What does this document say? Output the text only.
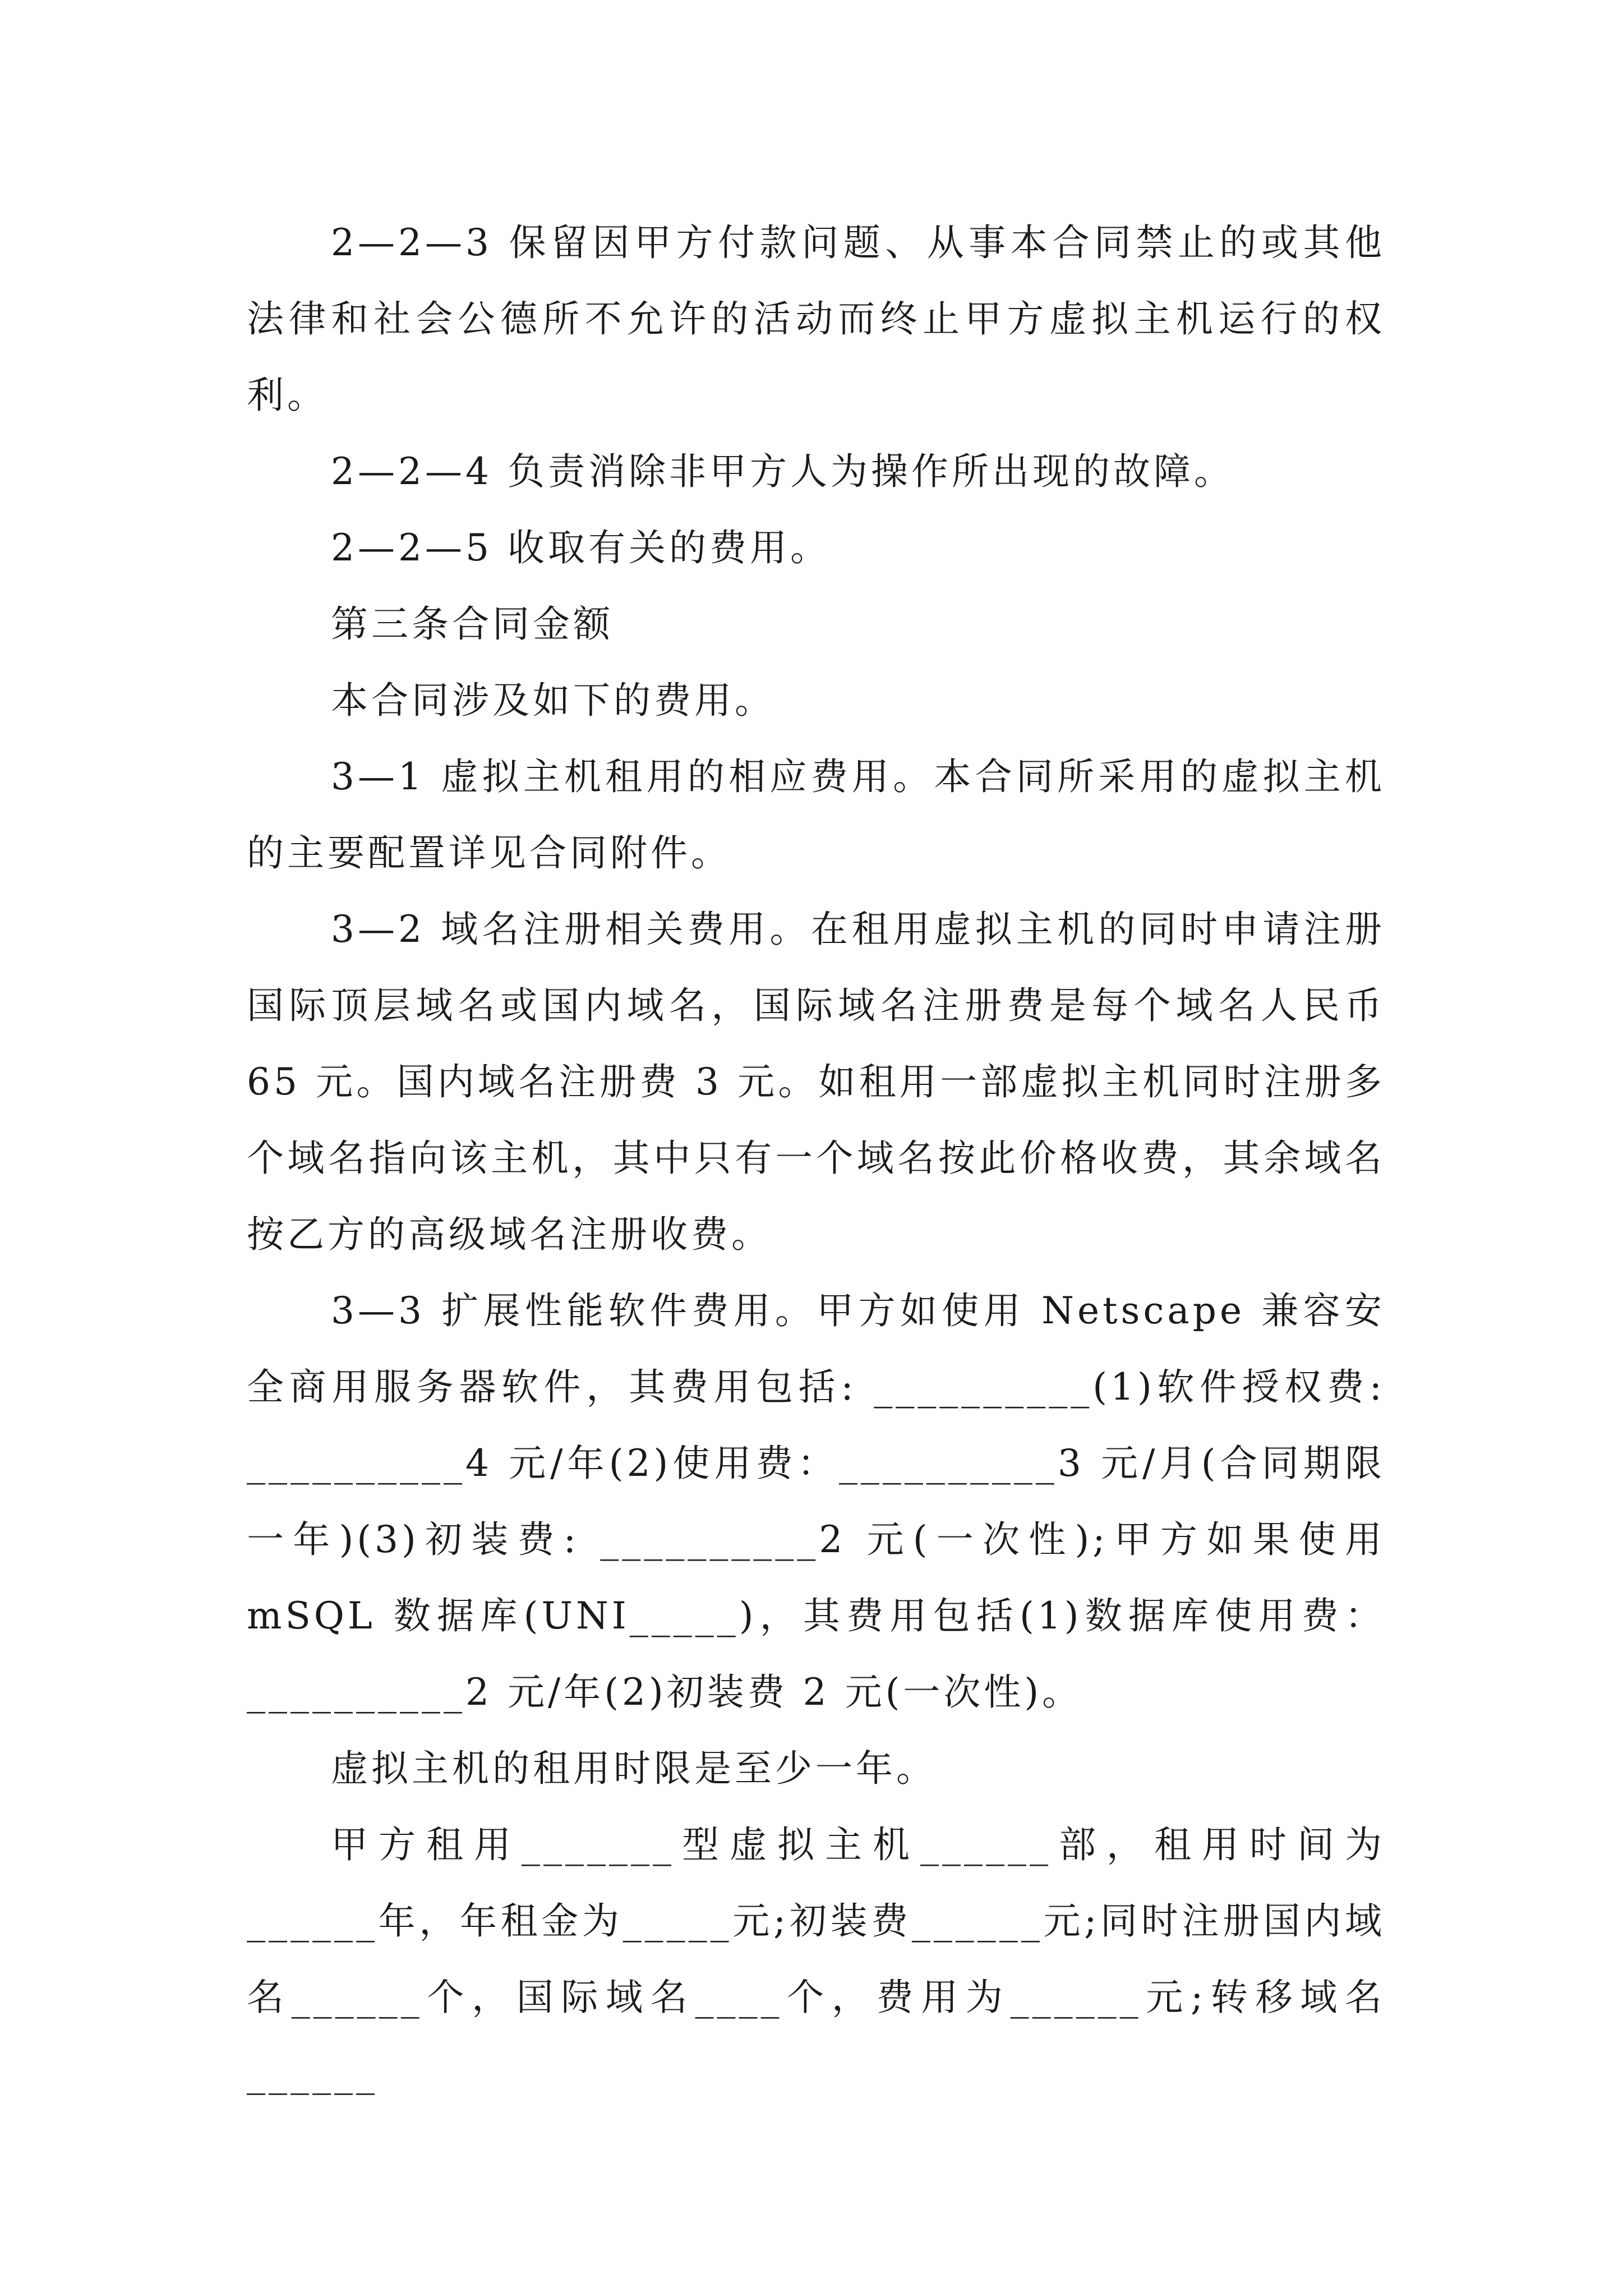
2—2—3 保留因甲方付款问题、从事本合同禁止的或其他法律和社会公德所不允许的活动而终止甲方虚拟主机运行的权利。

2—2—4 负责消除非甲方人为操作所出现的故障。

2—2—5 收取有关的费用。

第三条合同金额

本合同涉及如下的费用。

3—1 虚拟主机租用的相应费用。本合同所采用的虚拟主机的主要配置详见合同附件。

3—2 域名注册相关费用。在租用虚拟主机的同时申请注册国际顶层域名或国内域名，国际域名注册费是每个域名人民币 65 元。国内域名注册费 3 元。如租用一部虚拟主机同时注册多个域名指向该主机，其中只有一个域名按此价格收费，其余域名按乙方的高级域名注册收费。

3—3 扩展性能软件费用。甲方如使用 Netscape 兼容安全商用服务器软件，其费用包括: __________(1)软件授权费: __________4 元/年(2)使用费：__________3 元/月(合同期限一年)(3)初装费: __________2 元(一次性);甲方如果使用 mSQL 数据库(UNI_____)，其费用包括(1)数据库使用费：__________2 元/年(2)初装费 2 元(一次性)。

虚拟主机的租用时限是至少一年。

甲方租用_______型虚拟主机______部，租用时间为______年，年租金为_____元;初装费______元;同时注册国内域名______个，国际域名____个，费用为______元;转移域名______
